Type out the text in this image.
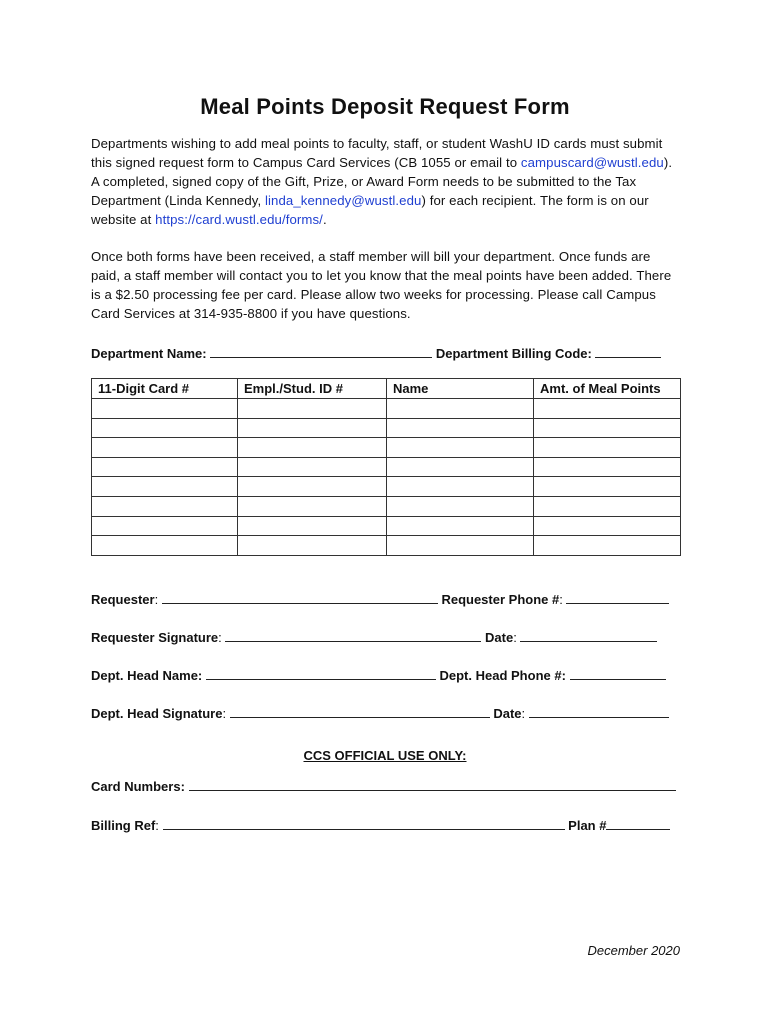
Meal Points Deposit Request Form
Departments wishing to add meal points to faculty, staff, or student WashU ID cards must submit this signed request form to Campus Card Services (CB 1055 or email to campuscard@wustl.edu). A completed, signed copy of the Gift, Prize, or Award Form needs to be submitted to the Tax Department (Linda Kennedy, linda_kennedy@wustl.edu) for each recipient. The form is on our website at https://card.wustl.edu/forms/.
Once both forms have been received, a staff member will bill your department. Once funds are paid, a staff member will contact you to let you know that the meal points have been added. There is a $2.50 processing fee per card. Please allow two weeks for processing. Please call Campus Card Services at 314-935-8800 if you have questions.
Department Name:	Department Billing Code:
11-Digit Card #	Empl./Stud. ID #	Name	Amt. of Meal Points

Requester:	Requester Phone #:
Requester Signature:	Date:
Dept. Head Name:	Dept. Head Phone #:
Dept. Head Signature:	Date:
CCS OFFICIAL USE ONLY:
Card Numbers:
Billing Ref:	Plan #
December 2020
